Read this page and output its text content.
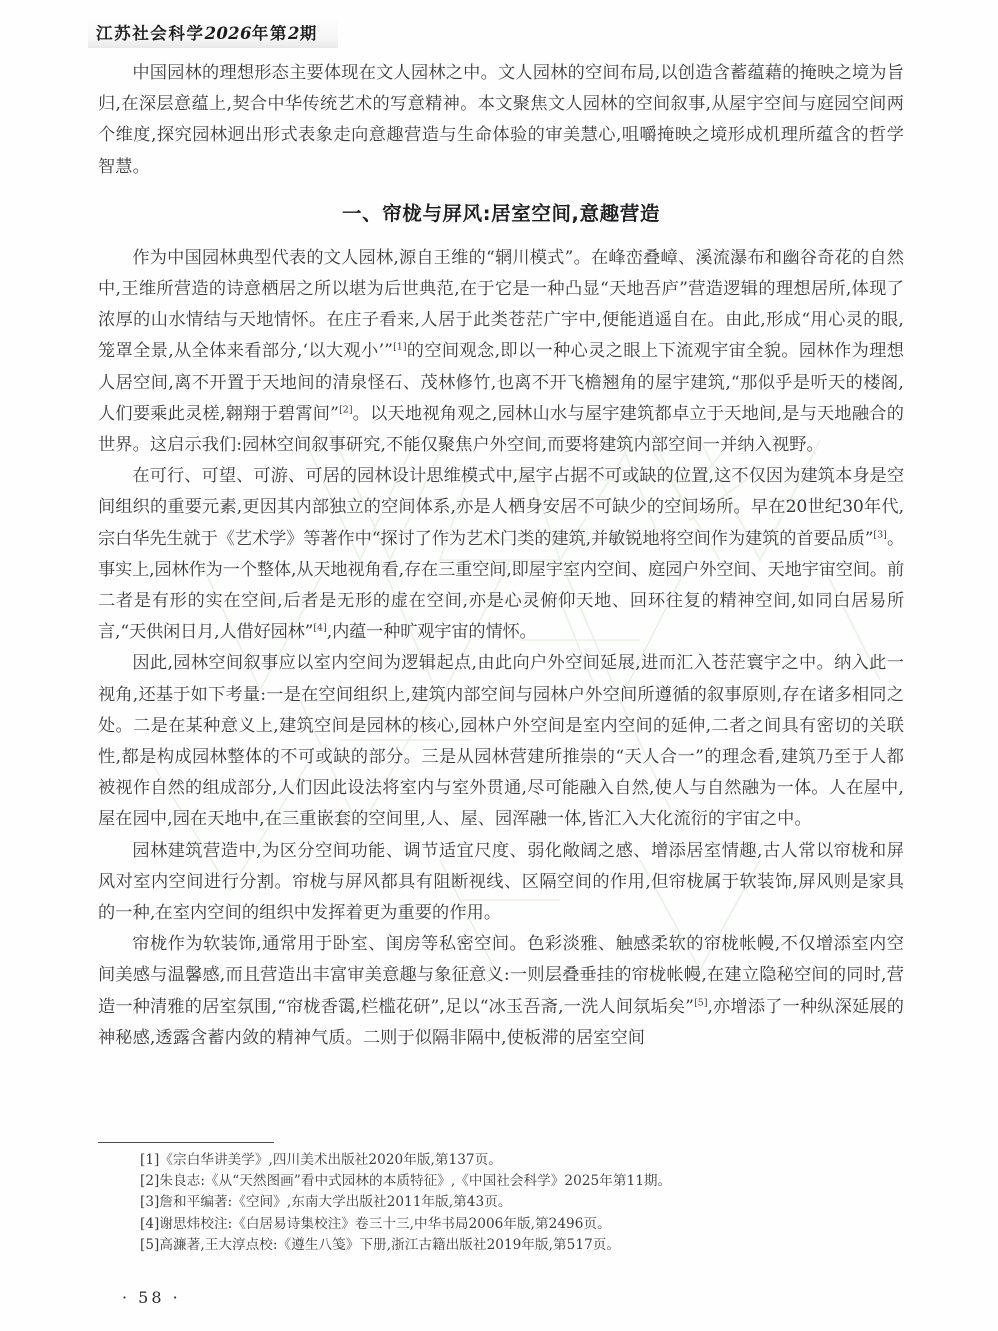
江苏社会科学2026年第2期

中国园林的理想形态主要体现在文人园林之中。文人园林的空间布局,以创造含蓄蕴藉的掩映之境为旨归,在深层意蕴上,契合中华传统艺术的写意精神。本文聚焦文人园林的空间叙事,从屋宇空间与庭园空间两个维度,探究园林迥出形式表象走向意趣营造与生命体验的审美慧心,咀嚼掩映之境形成机理所蕴含的哲学智慧。

一、帘栊与屏风:居室空间,意趣营造

作为中国园林典型代表的文人园林,源自王维的“辋川模式”。在峰峦叠嶂、溪流瀑布和幽谷奇花的自然中,王维所营造的诗意栖居之所以堪为后世典范,在于它是一种凸显“天地吾庐”营造逻辑的理想居所,体现了浓厚的山水情结与天地情怀。在庄子看来,人居于此类苍茫广宇中,便能逍遥自在。由此,形成“用心灵的眼,笼罩全景,从全体来看部分,‘以大观小’”[1]的空间观念,即以一种心灵之眼上下流观宇宙全貌。园林作为理想人居空间,离不开置于天地间的清泉怪石、茂林修竹,也离不开飞檐翘角的屋宇建筑,“那似乎是听天的楼阁,人们要乘此灵槎,翱翔于碧霄间”[2]。以天地视角观之,园林山水与屋宇建筑都卓立于天地间,是与天地融合的世界。这启示我们:园林空间叙事研究,不能仅聚焦户外空间,而要将建筑内部空间一并纳入视野。

在可行、可望、可游、可居的园林设计思维模式中,屋宇占据不可或缺的位置,这不仅因为建筑本身是空间组织的重要元素,更因其内部独立的空间体系,亦是人栖身安居不可缺少的空间场所。早在20世纪30年代,宗白华先生就于《艺术学》等著作中“探讨了作为艺术门类的建筑,并敏锐地将空间作为建筑的首要品质”[3]。事实上,园林作为一个整体,从天地视角看,存在三重空间,即屋宇室内空间、庭园户外空间、天地宇宙空间。前二者是有形的实在空间,后者是无形的虚在空间,亦是心灵俯仰天地、回环往复的精神空间,如同白居易所言,“天供闲日月,人借好园林”[4],内蕴一种旷观宇宙的情怀。

因此,园林空间叙事应以室内空间为逻辑起点,由此向户外空间延展,进而汇入苍茫寰宇之中。纳入此一视角,还基于如下考量:一是在空间组织上,建筑内部空间与园林户外空间所遵循的叙事原则,存在诸多相同之处。二是在某种意义上,建筑空间是园林的核心,园林户外空间是室内空间的延伸,二者之间具有密切的关联性,都是构成园林整体的不可或缺的部分。三是从园林营建所推崇的“天人合一”的理念看,建筑乃至于人都被视作自然的组成部分,人们因此设法将室内与室外贯通,尽可能融入自然,使人与自然融为一体。人在屋中,屋在园中,园在天地中,在三重嵌套的空间里,人、屋、园浑融一体,皆汇入大化流衍的宇宙之中。

园林建筑营造中,为区分空间功能、调节适宜尺度、弱化敞阔之感、增添居室情趣,古人常以帘栊和屏风对室内空间进行分割。帘栊与屏风都具有阻断视线、区隔空间的作用,但帘栊属于软装饰,屏风则是家具的一种,在室内空间的组织中发挥着更为重要的作用。

帘栊作为软装饰,通常用于卧室、闺房等私密空间。色彩淡雅、触感柔软的帘栊帐幔,不仅增添室内空间美感与温馨感,而且营造出丰富审美意趣与象征意义:一则层叠垂挂的帘栊帐幔,在建立隐秘空间的同时,营造一种清雅的居室氛围,“帘栊香霭,栏槛花研”,足以“冰玉吾斋,一洗人间氛垢矣”[5],亦增添了一种纵深延展的神秘感,透露含蓄内敛的精神气质。二则于似隔非隔中,使板滞的居室空间

[1]《宗白华讲美学》,四川美术出版社2020年版,第137页。
[2]朱良志:《从“天然图画”看中式园林的本质特征》,《中国社会科学》2025年第11期。
[3]詹和平编著:《空间》,东南大学出版社2011年版,第43页。
[4]谢思炜校注:《白居易诗集校注》卷三十三,中华书局2006年版,第2496页。
[5]高濂著,王大淳点校:《遵生八笺》下册,浙江古籍出版社2019年版,第517页。
· 58 ·
